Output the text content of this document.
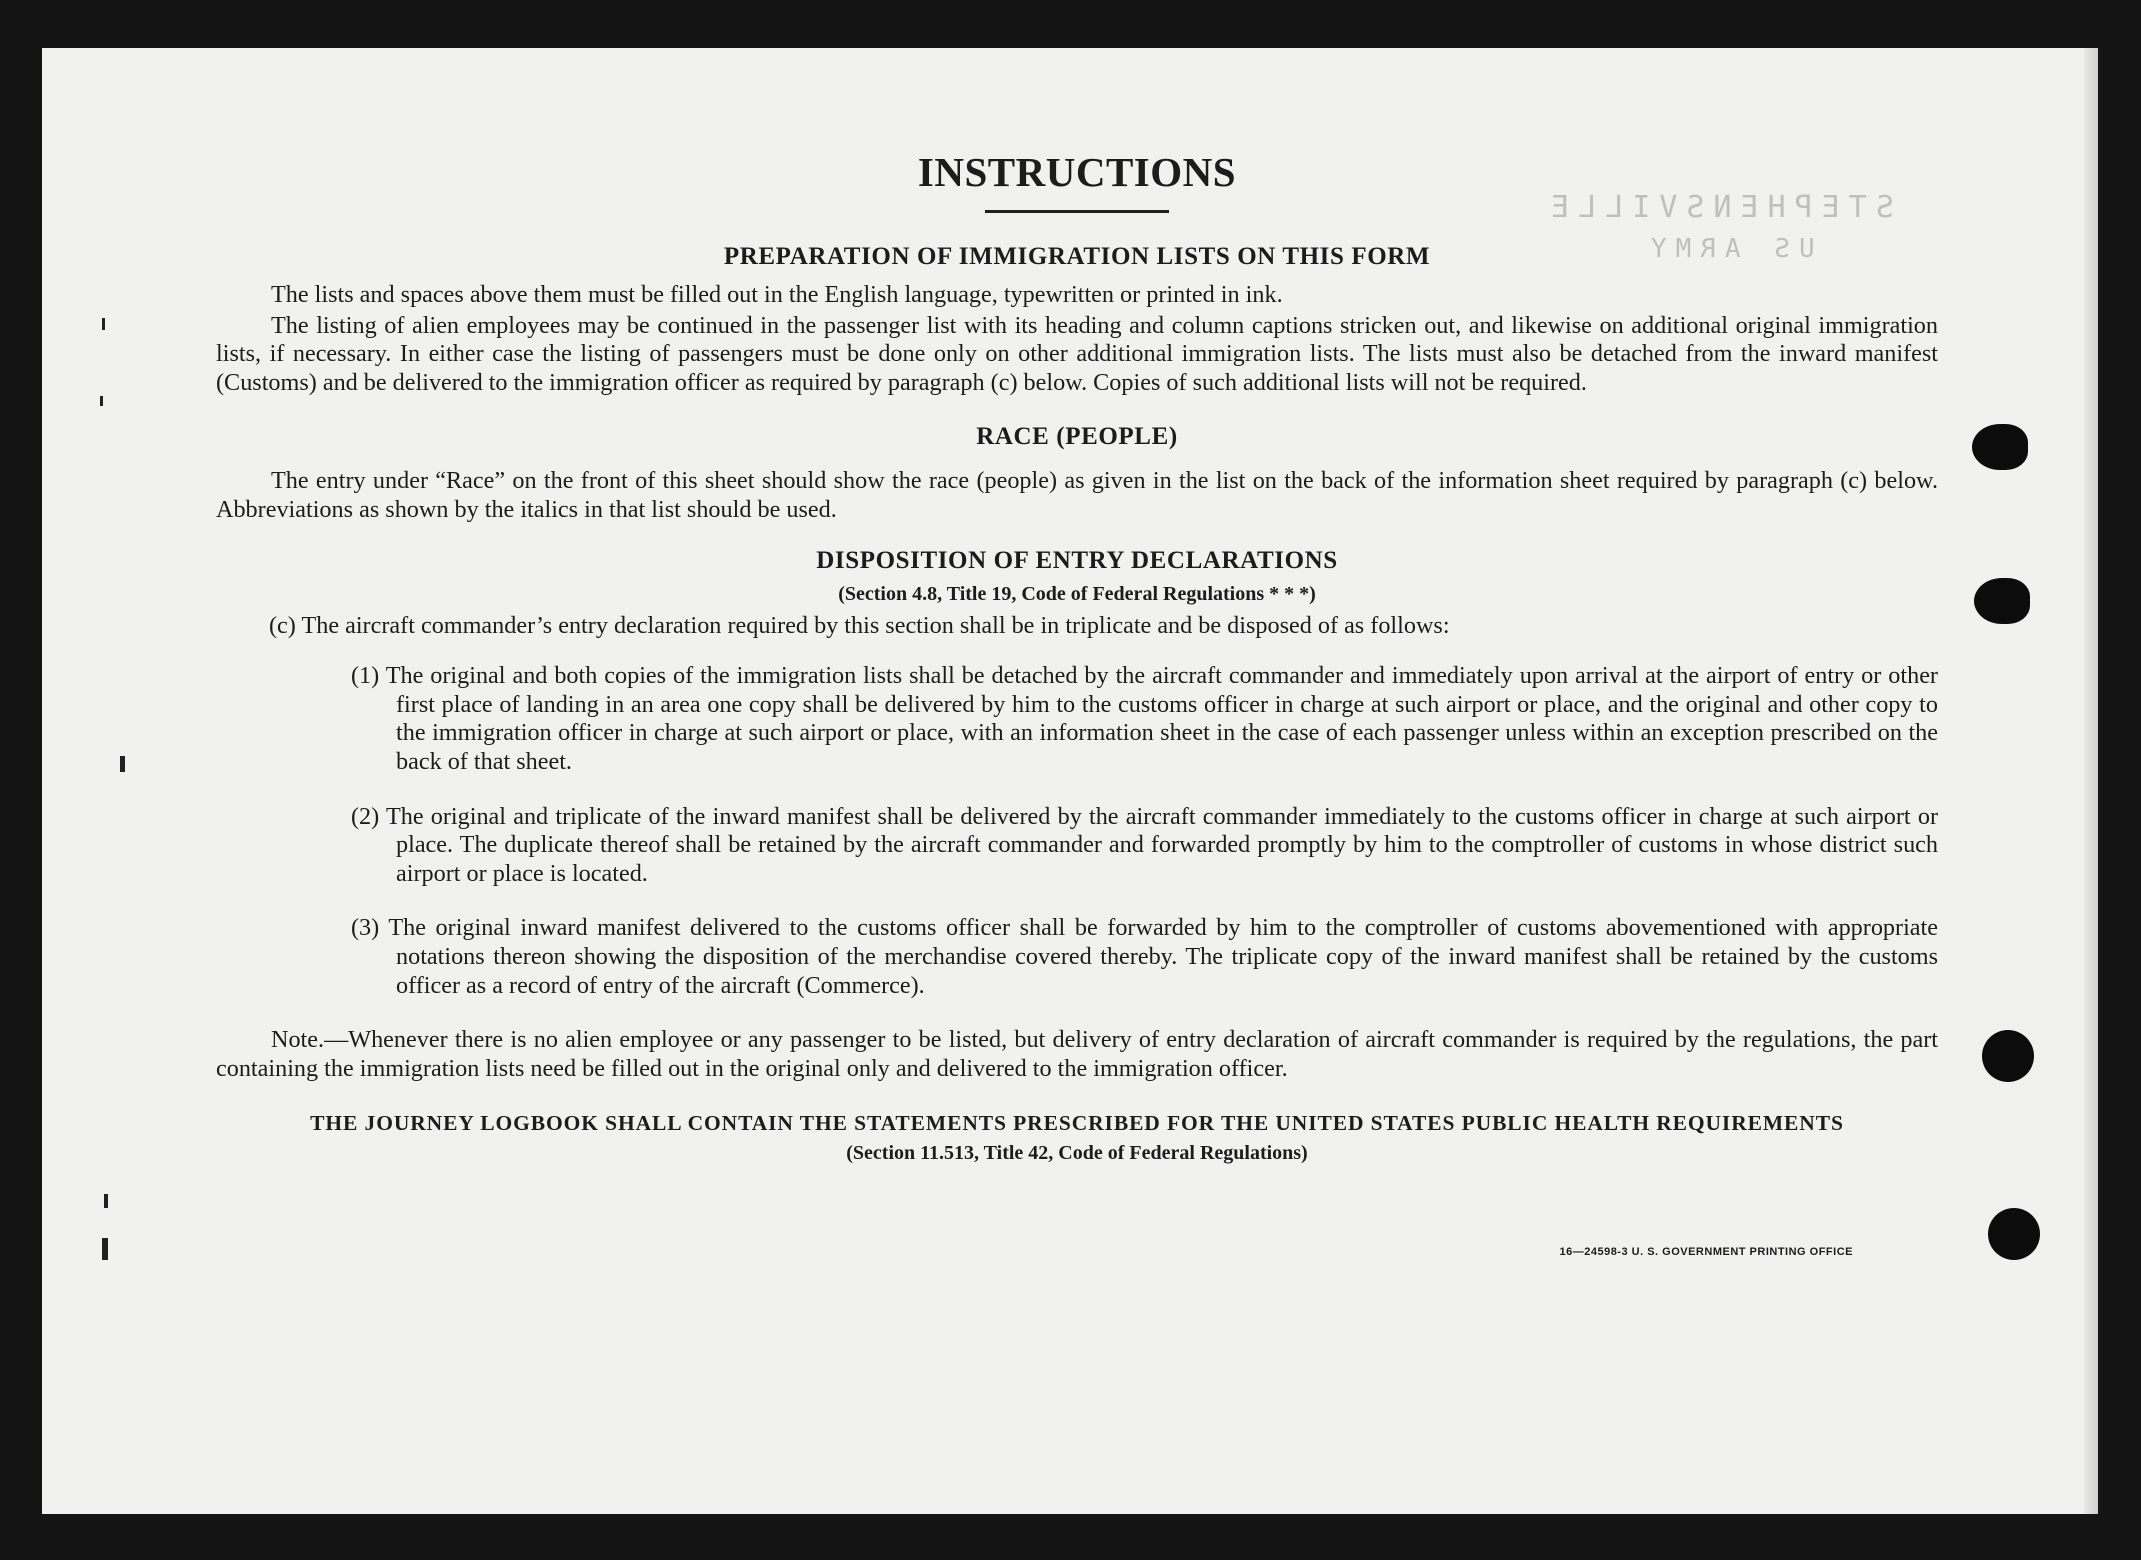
STEPHENSVILLE
US ARMY
INSTRUCTIONS
PREPARATION OF IMMIGRATION LISTS ON THIS FORM

The lists and spaces above them must be filled out in the English language, typewritten or printed in ink.

The listing of alien employees may be continued in the passenger list with its heading and column captions stricken out, and likewise on additional original immigration lists, if necessary. In either case the listing of passengers must be done only on other additional immigration lists. The lists must also be detached from the inward manifest (Customs) and be delivered to the immigration officer as required by paragraph (c) below. Copies of such additional lists will not be required.

RACE (PEOPLE)

The entry under “Race” on the front of this sheet should show the race (people) as given in the list on the back of the information sheet required by paragraph (c) below. Abbreviations as shown by the italics in that list should be used.

DISPOSITION OF ENTRY DECLARATIONS
(Section 4.8, Title 19, Code of Federal Regulations * * *)

(c) The aircraft commander’s entry declaration required by this section shall be in triplicate and be disposed of as follows:

(1) The original and both copies of the immigration lists shall be detached by the aircraft commander and immediately upon arrival at the airport of entry or other first place of landing in an area one copy shall be delivered by him to the customs officer in charge at such airport or place, and the original and other copy to the immigration officer in charge at such airport or place, with an information sheet in the case of each passenger unless within an exception prescribed on the back of that sheet.

(2) The original and triplicate of the inward manifest shall be delivered by the aircraft commander immediately to the customs officer in charge at such airport or place. The duplicate thereof shall be retained by the aircraft commander and forwarded promptly by him to the comptroller of customs in whose district such airport or place is located.

(3) The original inward manifest delivered to the customs officer shall be forwarded by him to the comptroller of customs abovementioned with appropriate notations thereon showing the disposition of the merchandise covered thereby. The triplicate copy of the inward manifest shall be retained by the customs officer as a record of entry of the aircraft (Commerce).

Note.—Whenever there is no alien employee or any passenger to be listed, but delivery of entry declaration of aircraft commander is required by the regulations, the part containing the immigration lists need be filled out in the original only and delivered to the immigration officer.

THE JOURNEY LOGBOOK SHALL CONTAIN THE STATEMENTS PRESCRIBED FOR THE UNITED STATES PUBLIC HEALTH REQUIREMENTS
(Section 11.513, Title 42, Code of Federal Regulations)
16—24598-3 U. S. GOVERNMENT PRINTING OFFICE
